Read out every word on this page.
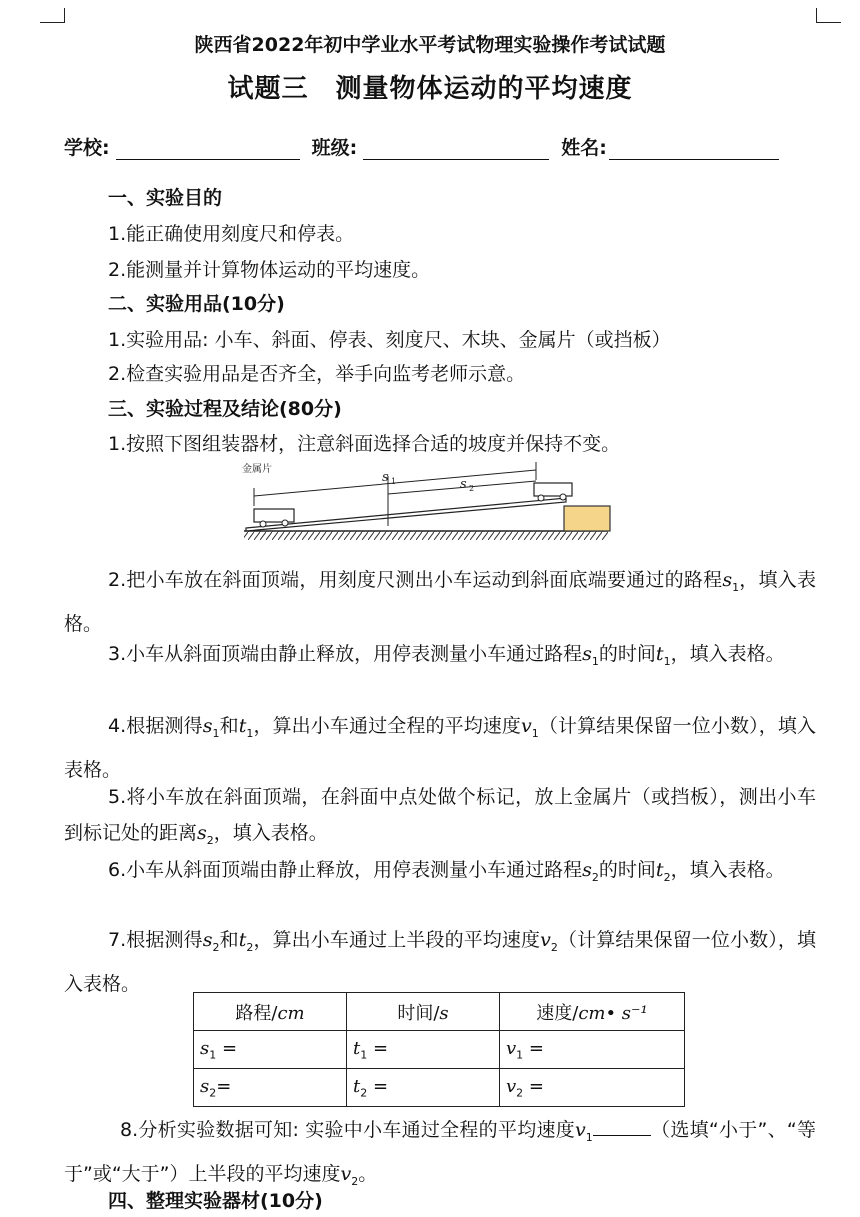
陕西省2022年初中学业水平考试物理实验操作考试试题
试题三　测量物体运动的平均速度
学校:	班级:	姓名:
一、实验目的
1.能正确使用刻度尺和停表。
2.能测量并计算物体运动的平均速度。
二、实验用品(10分)
1.实验用品: 小车、斜面、停表、刻度尺、木块、金属片（或挡板）
2.检查实验用品是否齐全，举手向监考老师示意。
三、实验过程及结论(80分)
1.按照下图组装器材，注意斜面选择合适的坡度并保持不变。
金属片
s 1	s 2
2.把小车放在斜面顶端，用刻度尺测出小车运动到斜面底端要通过的路程$s_1$，填入表格。
3.小车从斜面顶端由静止释放，用停表测量小车通过路程$s_1$的时间$t_1$，填入表格。
4.根据测得$s_1$和$t_1$，算出小车通过全程的平均速度$v_1$（计算结果保留一位小数），填入表格。
5.将小车放在斜面顶端，在斜面中点处做个标记，放上金属片（或挡板），测出小车到标记处的距离$s_2$，填入表格。
6.小车从斜面顶端由静止释放，用停表测量小车通过路程$s_2$的时间$t_2$，填入表格。
7.根据测得$s_2$和$t_2$，算出小车通过上半段的平均速度$v_2$（计算结果保留一位小数），填入表格。
路程/cm	时间/s	速度/cm• s⁻¹
$s_1$ =	$t_1$ =	$v_1$ =
$s_2=$	$t_2$ =	$v_2$ =
8.分析实验数据可知: 实验中小车通过全程的平均速度$v_1$	（选填“小于”、“等于”或“大于”）上半段的平均速度$v_2$。
四、整理实验器材(10分)
